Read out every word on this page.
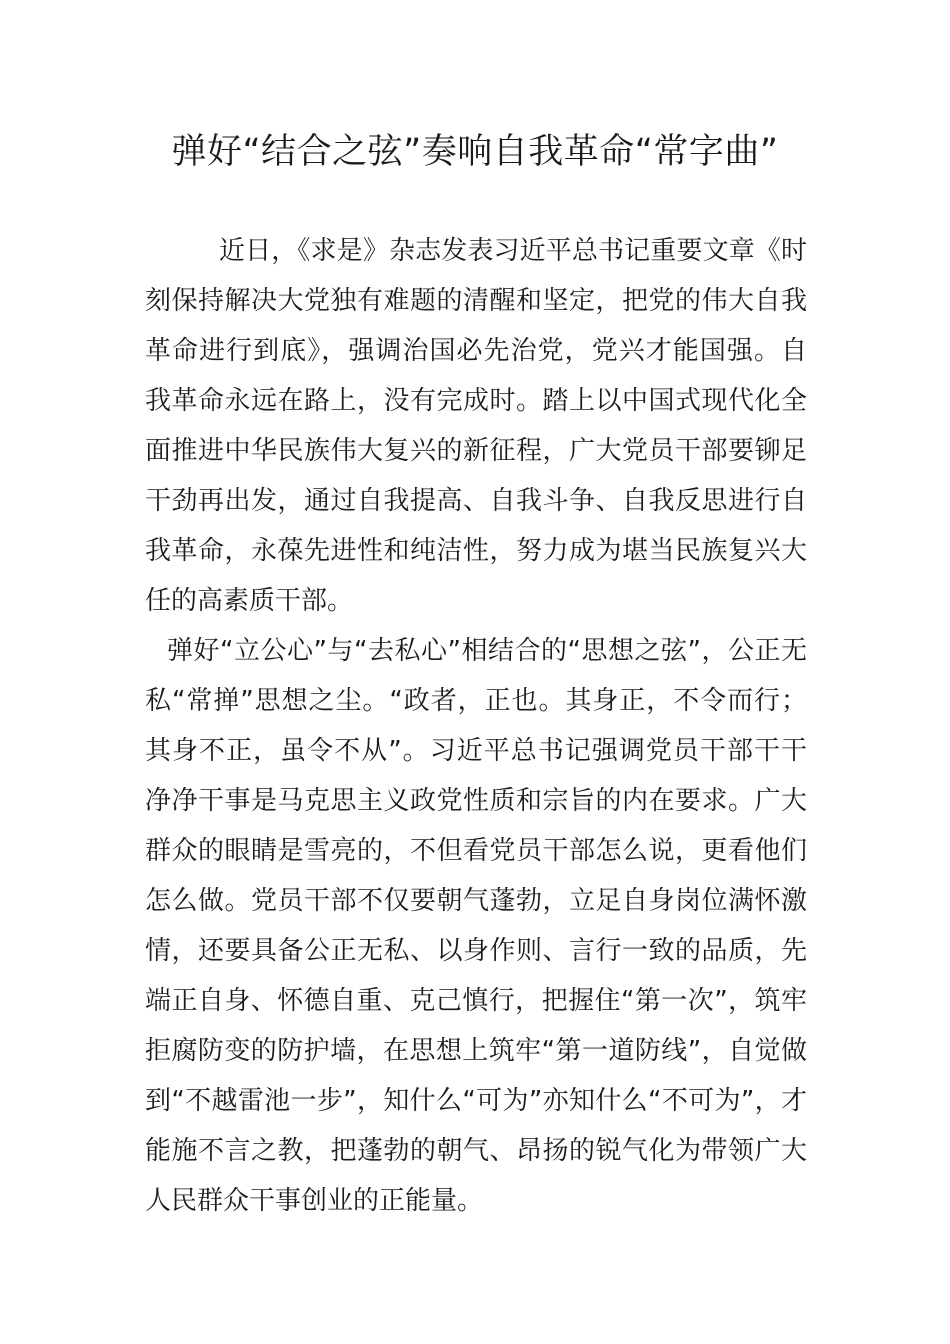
弹好“结合之弦”奏响自我革命“常字曲”

近日，《求是》杂志发表习近平总书记重要文章《时刻保持解决大党独有难题的清醒和坚定，把党的伟大自我革命进行到底》，强调治国必先治党，党兴才能国强。自我革命永远在路上，没有完成时。踏上以中国式现代化全面推进中华民族伟大复兴的新征程，广大党员干部要铆足干劲再出发，通过自我提高、自我斗争、自我反思进行自我革命，永葆先进性和纯洁性，努力成为堪当民族复兴大任的高素质干部。

弹好“立公心”与“去私心”相结合的“思想之弦”，公正无私“常掸”思想之尘。“政者，正也。其身正，不令而行；其身不正，虽令不从”。习近平总书记强调党员干部干干净净干事是马克思主义政党性质和宗旨的内在要求。广大群众的眼睛是雪亮的，不但看党员干部怎么说，更看他们怎么做。党员干部不仅要朝气蓬勃，立足自身岗位满怀激情，还要具备公正无私、以身作则、言行一致的品质，先端正自身、怀德自重、克己慎行，把握住“第一次”，筑牢拒腐防变的防护墙，在思想上筑牢“第一道防线”，自觉做到“不越雷池一步”，知什么“可为”亦知什么“不可为”，才能施不言之教，把蓬勃的朝气、昂扬的锐气化为带领广大人民群众干事创业的正能量。
